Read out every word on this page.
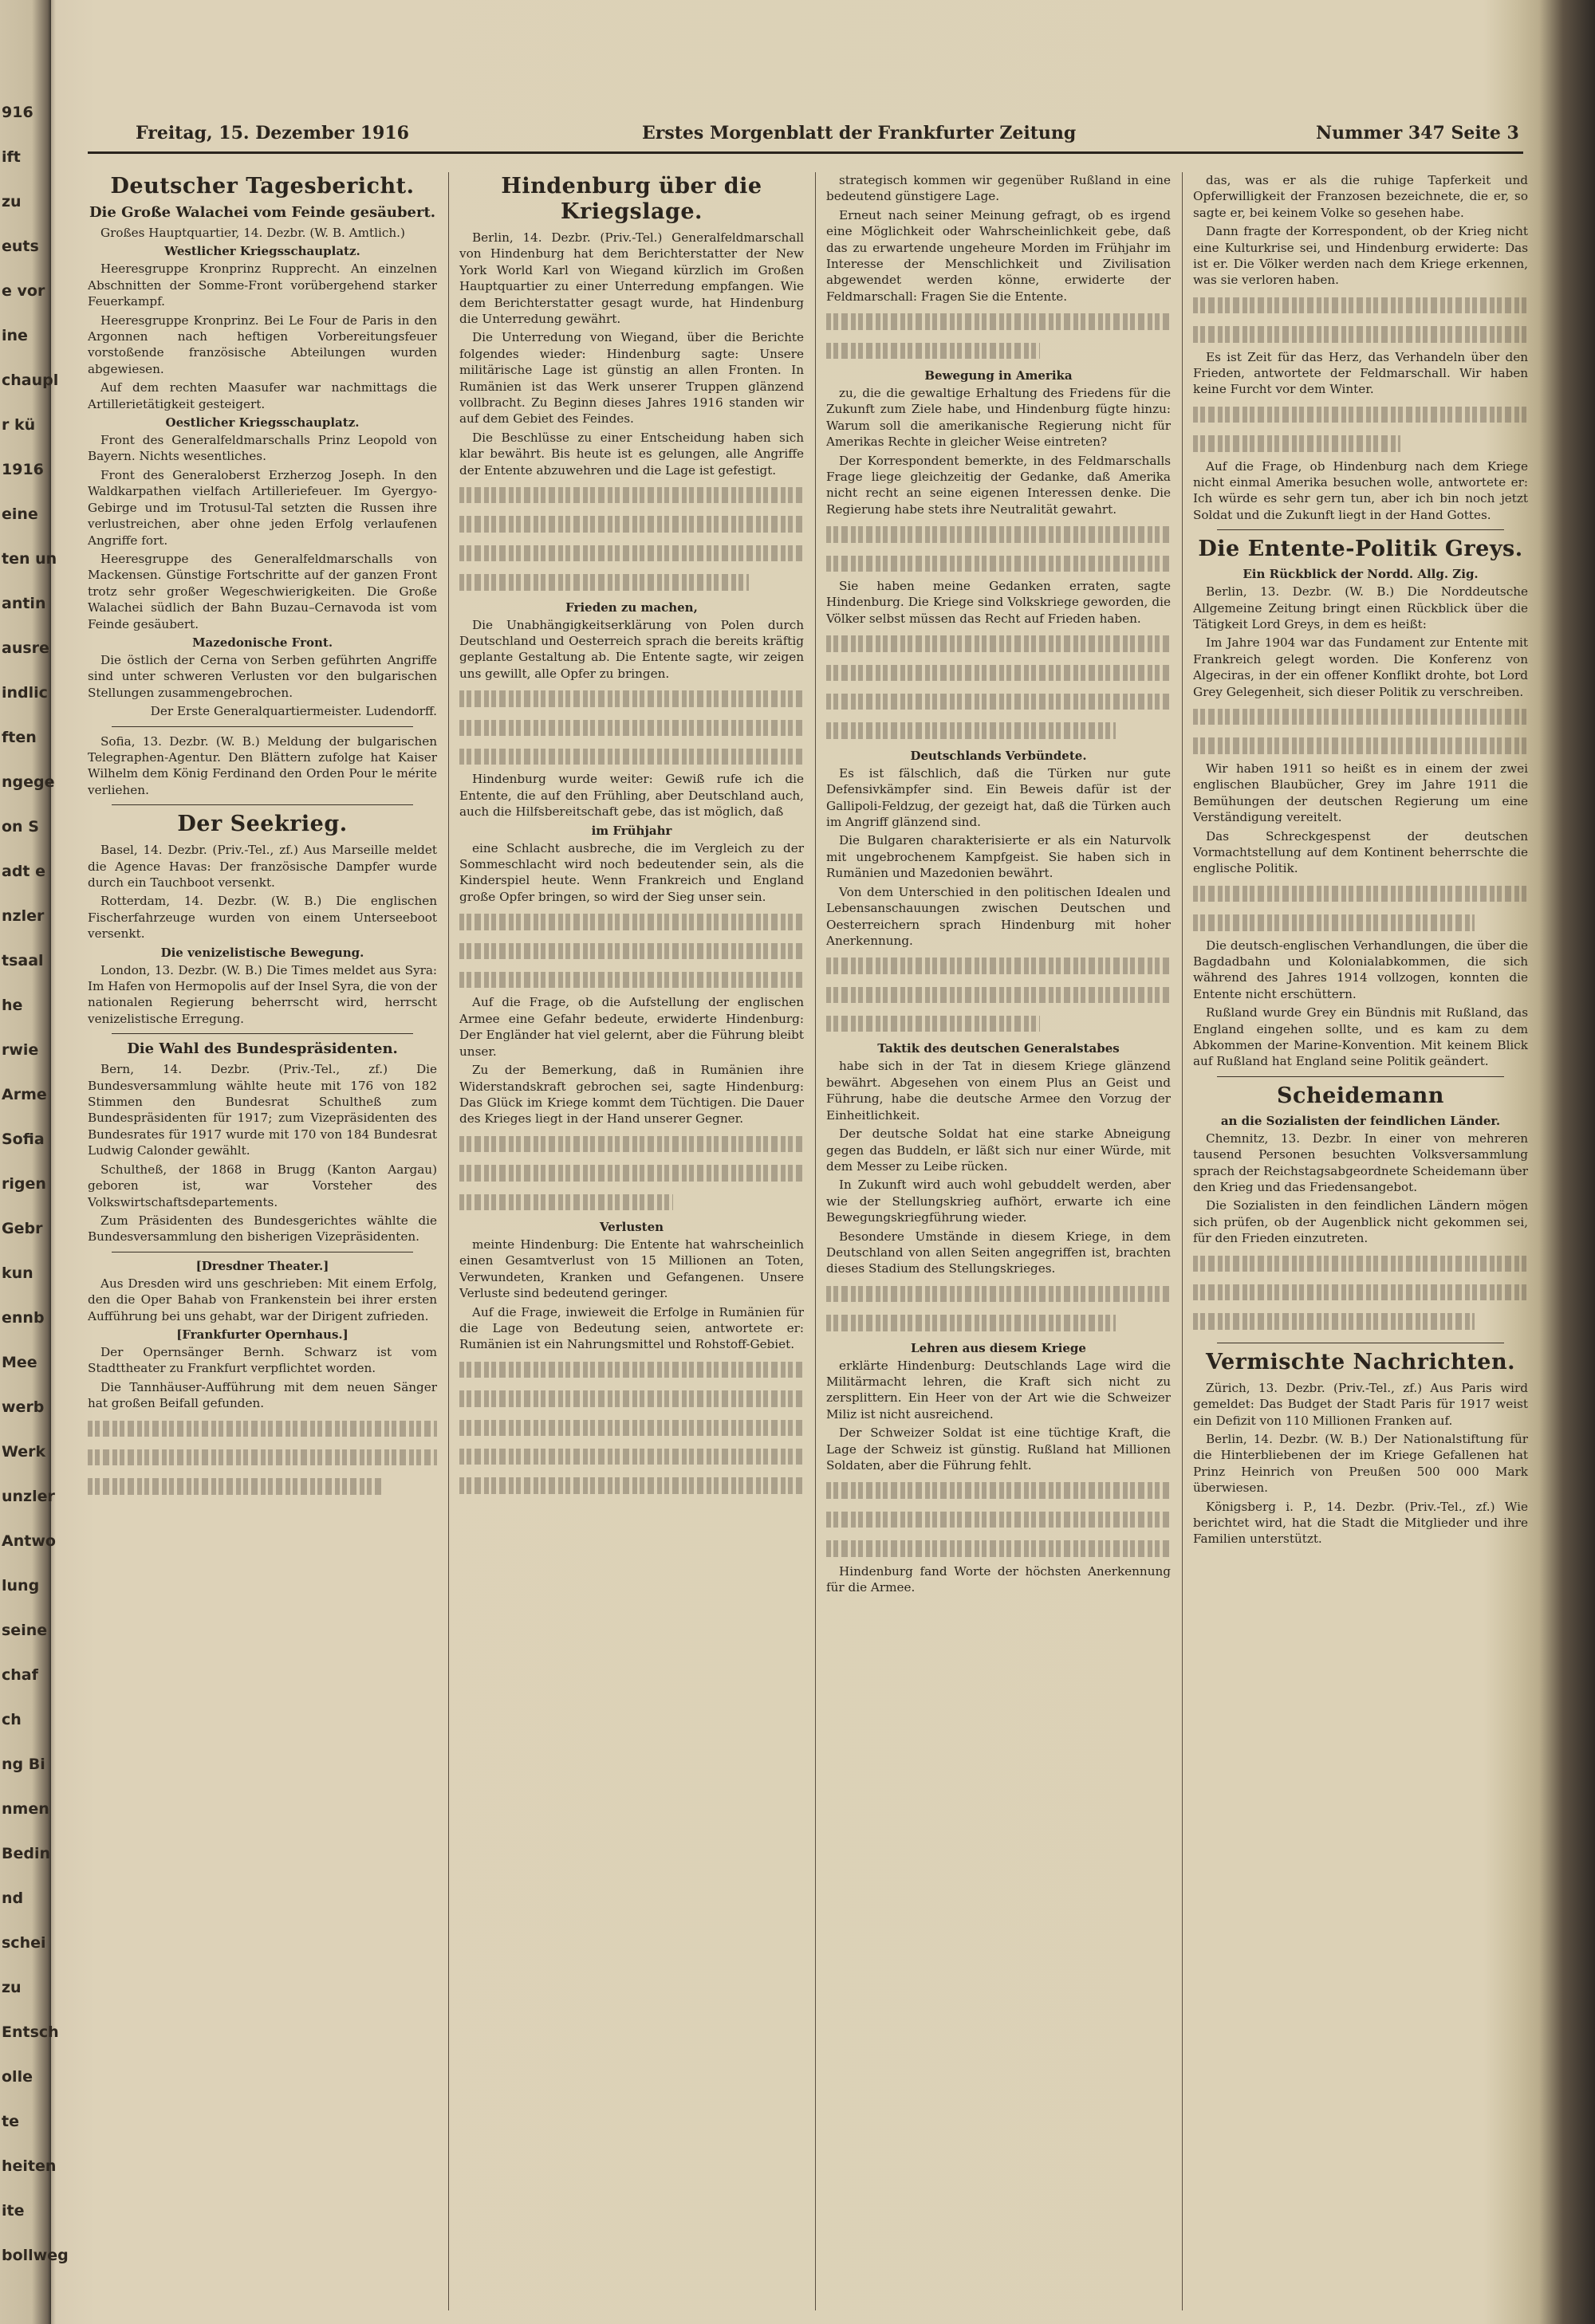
916
ift
zu
euts
e vor
ine
chaupl
r kü
1916
eine
ten un
antin
ausre
indlic
ften
ngege
on S
adt e
nzler
tsaal
he
rwie
Arme
Sofia
rigen
Gebr
kun
ennb
Mee
werb
Werk
unzler
Antwo
lung
seine
chaf
ch
ng Bi
nmen
Bedin
nd
schei
zu
Entsch
olle
te
heiten
ite
bollweg
Freitag, 15. Dezember 1916	Erstes Morgenblatt der Frankfurter Zeitung	Nummer 347 Seite 3
Deutscher Tagesbericht.
Die Große Walachei vom Feinde gesäubert.

Großes Hauptquartier, 14. Dezbr. (W. B. Amtlich.)

Westlicher Kriegsschauplatz.

Heeresgruppe Kronprinz Rupprecht. An einzelnen Abschnitten der Somme-Front vorübergehend starker Feuerkampf.

Heeresgruppe Kronprinz. Bei Le Four de Paris in den Argonnen nach heftigen Vorbereitungsfeuer vorstoßende französische Abteilungen wurden abgewiesen.

Auf dem rechten Maasufer war nachmittags die Artillerietätigkeit gesteigert.

Oestlicher Kriegsschauplatz.

Front des Generalfeldmarschalls Prinz Leopold von Bayern. Nichts wesentliches.

Front des Generaloberst Erzherzog Joseph. In den Waldkarpathen vielfach Artilleriefeuer. Im Gyergyo-Gebirge und im Trotusul-Tal setzten die Russen ihre verlustreichen, aber ohne jeden Erfolg verlaufenen Angriffe fort.

Heeresgruppe des Generalfeldmarschalls von Mackensen. Günstige Fortschritte auf der ganzen Front trotz sehr großer Wegeschwierigkeiten. Die Große Walachei südlich der Bahn Buzau–Cernavoda ist vom Feinde gesäubert.

Mazedonische Front.

Die östlich der Cerna von Serben geführten Angriffe sind unter schweren Verlusten vor den bulgarischen Stellungen zusammengebrochen.

Der Erste Generalquartiermeister. Ludendorff.

Sofia, 13. Dezbr. (W. B.) Meldung der bulgarischen Telegraphen-Agentur. Den Blättern zufolge hat Kaiser Wilhelm dem König Ferdinand den Orden Pour le mérite verliehen.

Der Seekrieg.

Basel, 14. Dezbr. (Priv.-Tel., zf.) Aus Marseille meldet die Agence Havas: Der französische Dampfer wurde durch ein Tauchboot versenkt.

Rotterdam, 14. Dezbr. (W. B.) Die englischen Fischerfahrzeuge wurden von einem Unterseeboot versenkt.

Die venizelistische Bewegung.

London, 13. Dezbr. (W. B.) Die Times meldet aus Syra: Im Hafen von Hermopolis auf der Insel Syra, die von der nationalen Regierung beherrscht wird, herrscht venizelistische Erregung.

Die Wahl des Bundespräsidenten.

Bern, 14. Dezbr. (Priv.-Tel., zf.) Die Bundesversammlung wählte heute mit 176 von 182 Stimmen den Bundesrat Schultheß zum Bundespräsidenten für 1917; zum Vizepräsidenten des Bundesrates für 1917 wurde mit 170 von 184 Bundesrat Ludwig Calonder gewählt.

Schultheß, der 1868 in Brugg (Kanton Aargau) geboren ist, war Vorsteher des Volkswirtschaftsdepartements.

Zum Präsidenten des Bundesgerichtes wählte die Bundesversammlung den bisherigen Vizepräsidenten.

[Dresdner Theater.]

Aus Dresden wird uns geschrieben: Mit einem Erfolg, den die Oper Bahab von Frankenstein bei ihrer ersten Aufführung bei uns gehabt, war der Dirigent zufrieden.

[Frankfurter Opernhaus.]

Der Opernsänger Bernh. Schwarz ist vom Stadttheater zu Frankfurt verpflichtet worden.

Die Tannhäuser-Aufführung mit dem neuen Sänger hat großen Beifall gefunden.

Hindenburg über die Kriegslage.

Berlin, 14. Dezbr. (Priv.-Tel.) Generalfeldmarschall von Hindenburg hat dem Berichterstatter der New York World Karl von Wiegand kürzlich im Großen Hauptquartier zu einer Unterredung empfangen. Wie dem Berichterstatter gesagt wurde, hat Hindenburg die Unterredung gewährt.

Die Unterredung von Wiegand, über die Berichte folgendes wieder: Hindenburg sagte: Unsere militärische Lage ist günstig an allen Fronten. In Rumänien ist das Werk unserer Truppen glänzend vollbracht. Zu Beginn dieses Jahres 1916 standen wir auf dem Gebiet des Feindes.

Die Beschlüsse zu einer Entscheidung haben sich klar bewährt. Bis heute ist es gelungen, alle Angriffe der Entente abzuwehren und die Lage ist gefestigt.

Frieden zu machen,

Die Unabhängigkeitserklärung von Polen durch Deutschland und Oesterreich sprach die bereits kräftig geplante Gestaltung ab. Die Entente sagte, wir zeigen uns gewillt, alle Opfer zu bringen.

Hindenburg wurde weiter: Gewiß rufe ich die Entente, die auf den Frühling, aber Deutschland auch, auch die Hilfsbereitschaft gebe, das ist möglich, daß

im Frühjahr

eine Schlacht ausbreche, die im Vergleich zu der Sommeschlacht wird noch bedeutender sein, als die Kinderspiel heute. Wenn Frankreich und England große Opfer bringen, so wird der Sieg unser sein.

Auf die Frage, ob die Aufstellung der englischen Armee eine Gefahr bedeute, erwiderte Hindenburg: Der Engländer hat viel gelernt, aber die Führung bleibt unser.

Zu der Bemerkung, daß in Rumänien ihre Widerstandskraft gebrochen sei, sagte Hindenburg: Das Glück im Kriege kommt dem Tüchtigen. Die Dauer des Krieges liegt in der Hand unserer Gegner.

Verlusten

meinte Hindenburg: Die Entente hat wahrscheinlich einen Gesamtverlust von 15 Millionen an Toten, Verwundeten, Kranken und Gefangenen. Unsere Verluste sind bedeutend geringer.

Auf die Frage, inwieweit die Erfolge in Rumänien für die Lage von Bedeutung seien, antwortete er: Rumänien ist ein Nahrungsmittel und Rohstoff-Gebiet.

strategisch kommen wir gegenüber Rußland in eine bedeutend günstigere Lage.

Erneut nach seiner Meinung gefragt, ob es irgend eine Möglichkeit oder Wahrscheinlichkeit gebe, daß das zu erwartende ungeheure Morden im Frühjahr im Interesse der Menschlichkeit und Zivilisation abgewendet werden könne, erwiderte der Feldmarschall: Fragen Sie die Entente.

Bewegung in Amerika

zu, die die gewaltige Erhaltung des Friedens für die Zukunft zum Ziele habe, und Hindenburg fügte hinzu: Warum soll die amerikanische Regierung nicht für Amerikas Rechte in gleicher Weise eintreten?

Der Korrespondent bemerkte, in des Feldmarschalls Frage liege gleichzeitig der Gedanke, daß Amerika nicht recht an seine eigenen Interessen denke. Die Regierung habe stets ihre Neutralität gewahrt.

Sie haben meine Gedanken erraten, sagte Hindenburg. Die Kriege sind Volkskriege geworden, die Völker selbst müssen das Recht auf Frieden haben.

Deutschlands Verbündete.

Es ist fälschlich, daß die Türken nur gute Defensivkämpfer sind. Ein Beweis dafür ist der Gallipoli-Feldzug, der gezeigt hat, daß die Türken auch im Angriff glänzend sind.

Die Bulgaren charakterisierte er als ein Naturvolk mit ungebrochenem Kampfgeist. Sie haben sich in Rumänien und Mazedonien bewährt.

Von dem Unterschied in den politischen Idealen und Lebensanschauungen zwischen Deutschen und Oesterreichern sprach Hindenburg mit hoher Anerkennung.

Taktik des deutschen Generalstabes

habe sich in der Tat in diesem Kriege glänzend bewährt. Abgesehen von einem Plus an Geist und Führung, habe die deutsche Armee den Vorzug der Einheitlichkeit.

Der deutsche Soldat hat eine starke Abneigung gegen das Buddeln, er läßt sich nur einer Würde, mit dem Messer zu Leibe rücken.

In Zukunft wird auch wohl gebuddelt werden, aber wie der Stellungskrieg aufhört, erwarte ich eine Bewegungskriegführung wieder.

Besondere Umstände in diesem Kriege, in dem Deutschland von allen Seiten angegriffen ist, brachten dieses Stadium des Stellungskrieges.

Lehren aus diesem Kriege

erklärte Hindenburg: Deutschlands Lage wird die Militärmacht lehren, die Kraft sich nicht zu zersplittern. Ein Heer von der Art wie die Schweizer Miliz ist nicht ausreichend.

Der Schweizer Soldat ist eine tüchtige Kraft, die Lage der Schweiz ist günstig. Rußland hat Millionen Soldaten, aber die Führung fehlt.

Hindenburg fand Worte der höchsten Anerkennung für die Armee.

das, was er als die ruhige Tapferkeit und Opferwilligkeit der Franzosen bezeichnete, die er, so sagte er, bei keinem Volke so gesehen habe.

Dann fragte der Korrespondent, ob der Krieg nicht eine Kulturkrise sei, und Hindenburg erwiderte: Das ist er. Die Völker werden nach dem Kriege erkennen, was sie verloren haben.

Es ist Zeit für das Herz, das Verhandeln über den Frieden, antwortete der Feldmarschall. Wir haben keine Furcht vor dem Winter.

Auf die Frage, ob Hindenburg nach dem Kriege nicht einmal Amerika besuchen wolle, antwortete er: Ich würde es sehr gern tun, aber ich bin noch jetzt Soldat und die Zukunft liegt in der Hand Gottes.

Die Entente-Politik Greys.
Ein Rückblick der Nordd. Allg. Zig.

Berlin, 13. Dezbr. (W. B.) Die Norddeutsche Allgemeine Zeitung bringt einen Rückblick über die Tätigkeit Lord Greys, in dem es heißt:

Im Jahre 1904 war das Fundament zur Entente mit Frankreich gelegt worden. Die Konferenz von Algeciras, in der ein offener Konflikt drohte, bot Lord Grey Gelegenheit, sich dieser Politik zu verschreiben.

Wir haben 1911 so heißt es in einem der zwei englischen Blaubücher, Grey im Jahre 1911 die Bemühungen der deutschen Regierung um eine Verständigung vereitelt.

Das Schreckgespenst der deutschen Vormachtstellung auf dem Kontinent beherrschte die englische Politik.

Die deutsch-englischen Verhandlungen, die über die Bagdadbahn und Kolonialabkommen, die sich während des Jahres 1914 vollzogen, konnten die Entente nicht erschüttern.

Rußland wurde Grey ein Bündnis mit Rußland, das England eingehen sollte, und es kam zu dem Abkommen der Marine-Konvention. Mit keinem Blick auf Rußland hat England seine Politik geändert.

Scheidemann
an die Sozialisten der feindlichen Länder.

Chemnitz, 13. Dezbr. In einer von mehreren tausend Personen besuchten Volksversammlung sprach der Reichstagsabgeordnete Scheidemann über den Krieg und das Friedensangebot.

Die Sozialisten in den feindlichen Ländern mögen sich prüfen, ob der Augenblick nicht gekommen sei, für den Frieden einzutreten.

Vermischte Nachrichten.

Zürich, 13. Dezbr. (Priv.-Tel., zf.) Aus Paris wird gemeldet: Das Budget der Stadt Paris für 1917 weist ein Defizit von 110 Millionen Franken auf.

Berlin, 14. Dezbr. (W. B.) Der Nationalstiftung für die Hinterbliebenen der im Kriege Gefallenen hat Prinz Heinrich von Preußen 500 000 Mark überwiesen.

Königsberg i. P., 14. Dezbr. (Priv.-Tel., zf.) Wie berichtet wird, hat die Stadt die Mitglieder und ihre Familien unterstützt.
